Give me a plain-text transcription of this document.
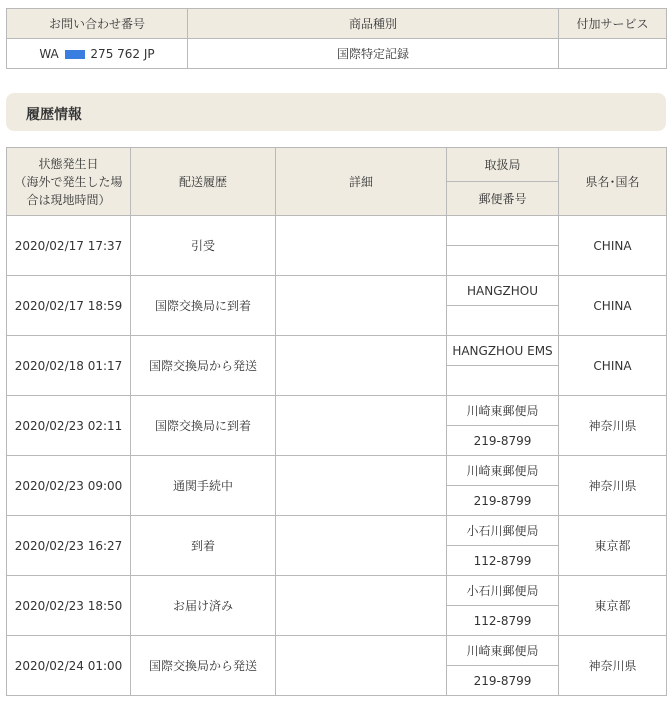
お問い合わせ番号	商品種別	付加サービス
WA 275 762 JP	国際特定記録	
履歴情報
状態発生日
（海外で発生した場
合は現地時間）	配送履歴	詳細	取扱局	県名･国名
			郵便番号	
2020/02/17 17:37	引受			CHINA

2020/02/17 18:59	国際交換局に到着		HANGZHOU	CHINA

2020/02/18 01:17	国際交換局から発送		HANGZHOU EMS	CHINA

2020/02/23 02:11	国際交換局に到着		川崎東郵便局	神奈川県
			219-8799	
2020/02/23 09:00	通関手続中		川崎東郵便局	神奈川県
			219-8799	
2020/02/23 16:27	到着		小石川郵便局	東京都
			112-8799	
2020/02/23 18:50	お届け済み		小石川郵便局	東京都
			112-8799	
2020/02/24 01:00	国際交換局から発送		川崎東郵便局	神奈川県
			219-8799	
